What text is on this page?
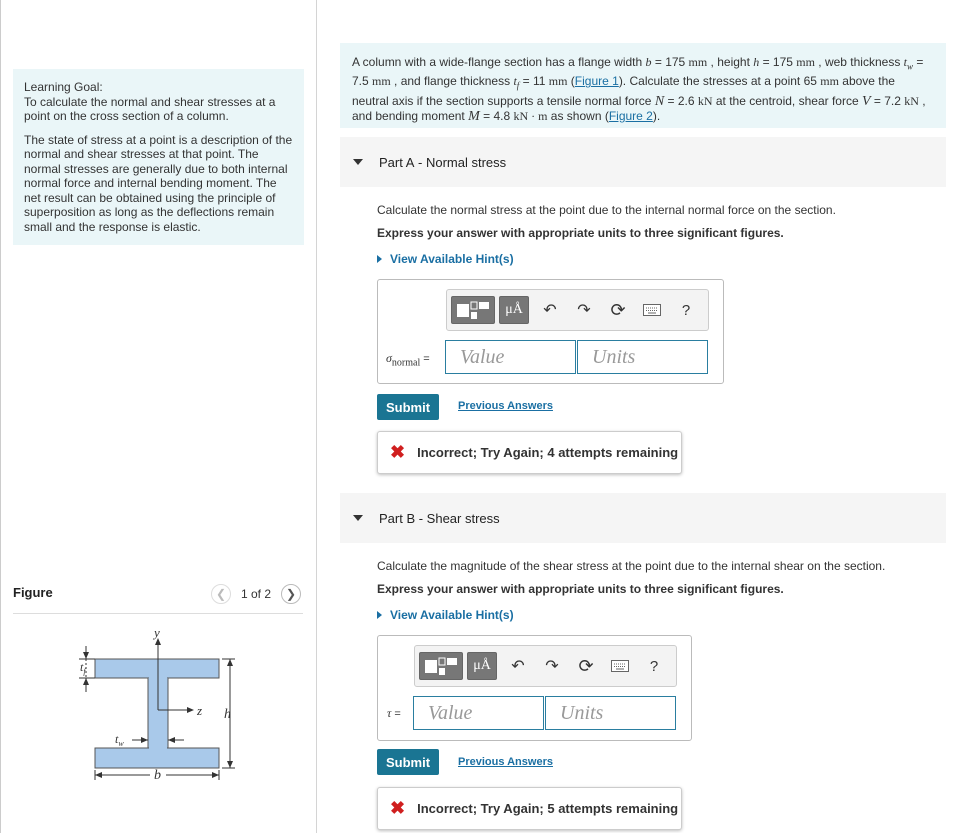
Learning Goal:
To calculate the normal and shear stresses at a point on the cross section of a column.

The state of stress at a point is a description of the normal and shear stresses at that point. The normal stresses are generally due to both internal normal force and internal bending moment. The net result can be obtained using the principle of superposition as long as the deflections remain small and the response is elastic.

Figure	❮	1 of 2	❯
y
z h
b
$t_f$
$t_w$
A column with a wide-flange section has a flange width b = 175 mm , height h = 175 mm , web thickness $t_w = 7.5$ mm , and flange thickness $t_f = 11$ mm (Figure 1). Calculate the stresses at a point 65 mm above the neutral axis if the section supports a tensile normal force N = 2.6 kN at the centroid, shear force V = 7.2 kN , and bending moment M = 4.8 kN · m as shown (Figure 2).
Part A - Normal stress
Calculate the normal stress at the point due to the internal normal force on the section.
Express your answer with appropriate units to three significant figures.
View Available Hint(s)
μÅ ↶ ↷ ⟳	?
$\sigma_{normal}$ =	Value	Units
Submit	Previous Answers
✖ Incorrect; Try Again; 4 attempts remaining
Part B - Shear stress
Calculate the magnitude of the shear stress at the point due to the internal shear on the section.
Express your answer with appropriate units to three significant figures.
View Available Hint(s)
μÅ ↶ ↷ ⟳	?
τ =	Value	Units
Submit	Previous Answers
✖ Incorrect; Try Again; 5 attempts remaining
